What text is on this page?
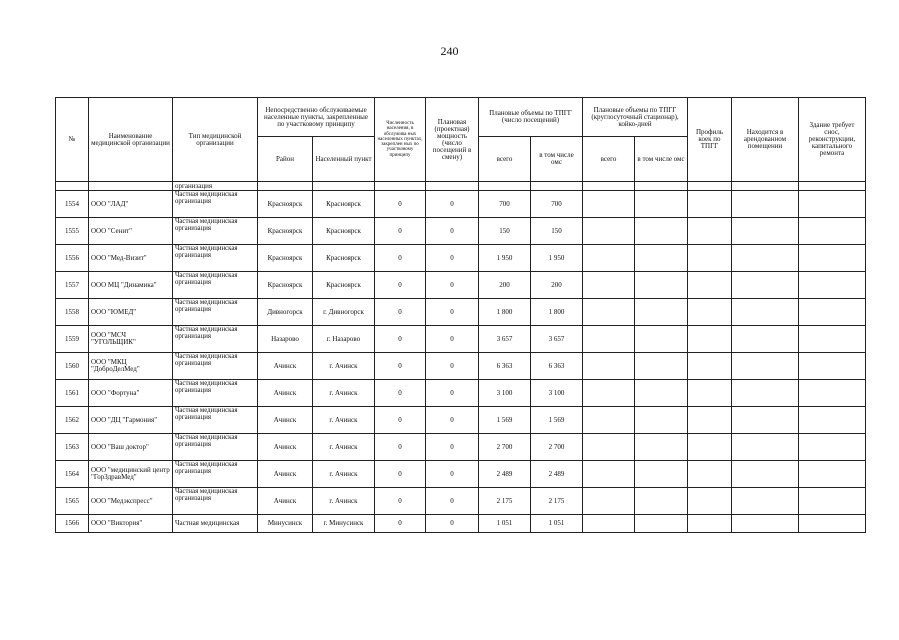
240
№	Наименование медицинской организации	Тип медицинской организации	Непосредственно обслуживаемые населенные пункты, закрепленные по участковому принципу		Численность населения, в обслужива ных населенных пунктах, закреплен ных по участковому принципу	Плановая (проектная) мощность (число посещений в смену)	Плановые объемы по ТПГГ (число посещений)		Плановые объемы по ТПГГ (круглосуточный стационар), койко-дней		Профиль коек по ТПГГ	Находится в арендованном помещении	Здание требует снос, реконструкции, капитального ремонта
			Район	Населенный пункт			всего	в том числе омс	всего	в том числе омс			
		организация											
1554	ООО "ЛАД"	Частная медицинская организация	Красноярск	Красноярск	0	0	700	700					
1555	ООО "Сенит"	Частная медицинская организация	Красноярск	Красноярск	0	0	150	150					
1556	ООО "Мед-Визит"	Частная медицинская организация	Красноярск	Красноярск	0	0	1 950	1 950					
1557	ООО МЦ "Динамика"	Частная медицинская организация	Красноярск	Красноярск	0	0	200	200					
1558	ООО "ЮМЕД"	Частная медицинская организация	Дивногорск	г. Дивногорск	0	0	1 800	1 800					
1559	ООО "МСЧ "УГОЛЬЩИК"	Частная медицинская организация	Назарово	г. Назарово	0	0	3 657	3 657					
1560	ООО "МКЦ "ДоброДелМед"	Частная медицинская организация	Ачинск	г. Ачинск	0	0	6 363	6 363					
1561	ООО "Фортуна"	Частная медицинская организация	Ачинск	г. Ачинск	0	0	3 100	3 100					
1562	ООО "ДЦ "Гармония"	Частная медицинская организация	Ачинск	г. Ачинск	0	0	1 569	1 569					
1563	ООО "Ваш доктор"	Частная медицинская организация	Ачинск	г. Ачинск	0	0	2 700	2 700					
1564	ООО "медицинский центр "ГорЗдравМед"	Частная медицинская организация	Ачинск	г. Ачинск	0	0	2 489	2 489					
1565	ООО "Медэкспресс"	Частная медицинская организация	Ачинск	г. Ачинск	0	0	2 175	2 175					
1566	ООО "Виктория"	Частная медицинская	Минусинск	г. Минусинск	0	0	1 051	1 051					
